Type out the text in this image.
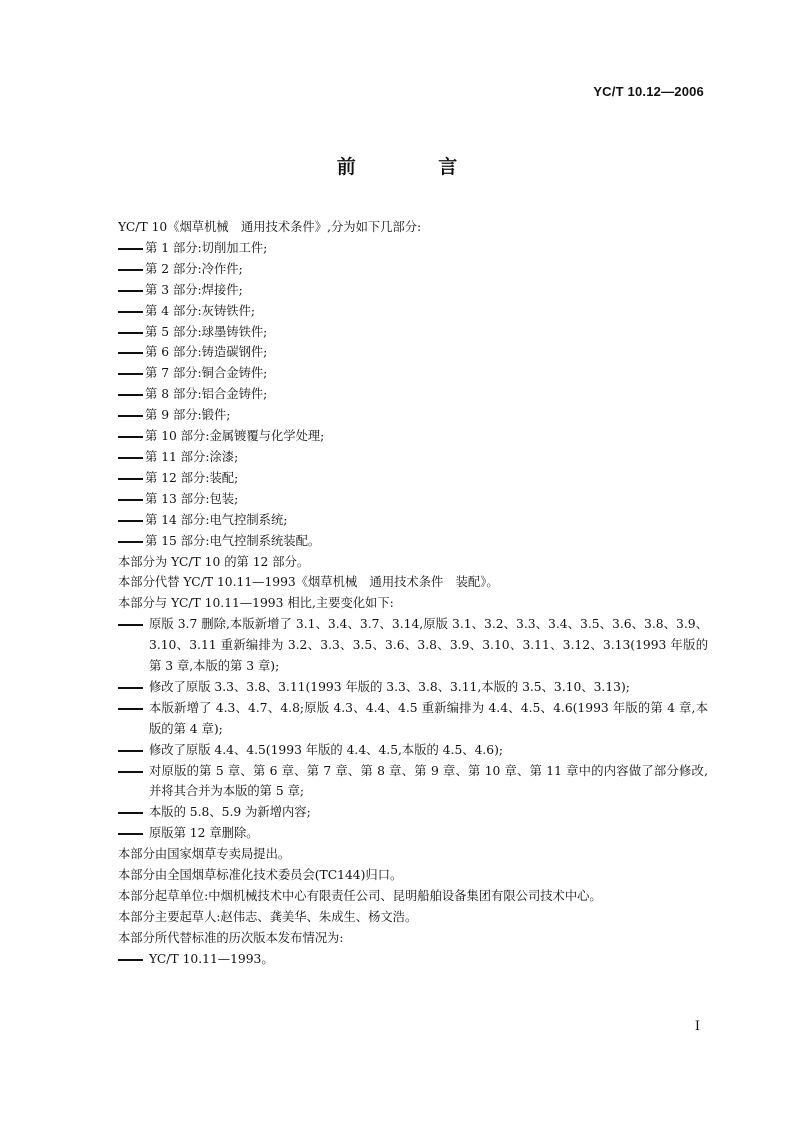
YC/T 10.12—2006
前 言
YC/T 10《烟草机械　通用技术条件》,分为如下几部分:
第 1 部分:切削加工件;
第 2 部分:冷作件;
第 3 部分:焊接件;
第 4 部分:灰铸铁件;
第 5 部分:球墨铸铁件;
第 6 部分:铸造碳钢件;
第 7 部分:铜合金铸件;
第 8 部分:铝合金铸件;
第 9 部分:锻件;
第 10 部分:金属镀覆与化学处理;
第 11 部分:涂漆;
第 12 部分:装配;
第 13 部分:包装;
第 14 部分:电气控制系统;
第 15 部分:电气控制系统装配。
本部分为 YC/T 10 的第 12 部分。
本部分代替 YC/T 10.11—1993《烟草机械　通用技术条件　装配》。
本部分与 YC/T 10.11—1993 相比,主要变化如下:
原版 3.7 删除,本版新增了 3.1、3.4、3.7、3.14,原版 3.1、3.2、3.3、3.4、3.5、3.6、3.8、3.9、3.10、3.11 重新编排为 3.2、3.3、3.5、3.6、3.8、3.9、3.10、3.11、3.12、3.13(1993 年版的第 3 章,本版的第 3 章);
修改了原版 3.3、3.8、3.11(1993 年版的 3.3、3.8、3.11,本版的 3.5、3.10、3.13);
本版新增了 4.3、4.7、4.8;原版 4.3、4.4、4.5 重新编排为 4.4、4.5、4.6(1993 年版的第 4 章,本版的第 4 章);
修改了原版 4.4、4.5(1993 年版的 4.4、4.5,本版的 4.5、4.6);
对原版的第 5 章、第 6 章、第 7 章、第 8 章、第 9 章、第 10 章、第 11 章中的内容做了部分修改,并将其合并为本版的第 5 章;
本版的 5.8、5.9 为新增内容;
原版第 12 章删除。
本部分由国家烟草专卖局提出。
本部分由全国烟草标准化技术委员会(TC144)归口。
本部分起草单位:中烟机械技术中心有限责任公司、昆明船舶设备集团有限公司技术中心。
本部分主要起草人:赵伟志、龚美华、朱成生、杨文浩。
本部分所代替标准的历次版本发布情况为:
YC/T 10.11—1993。
I
